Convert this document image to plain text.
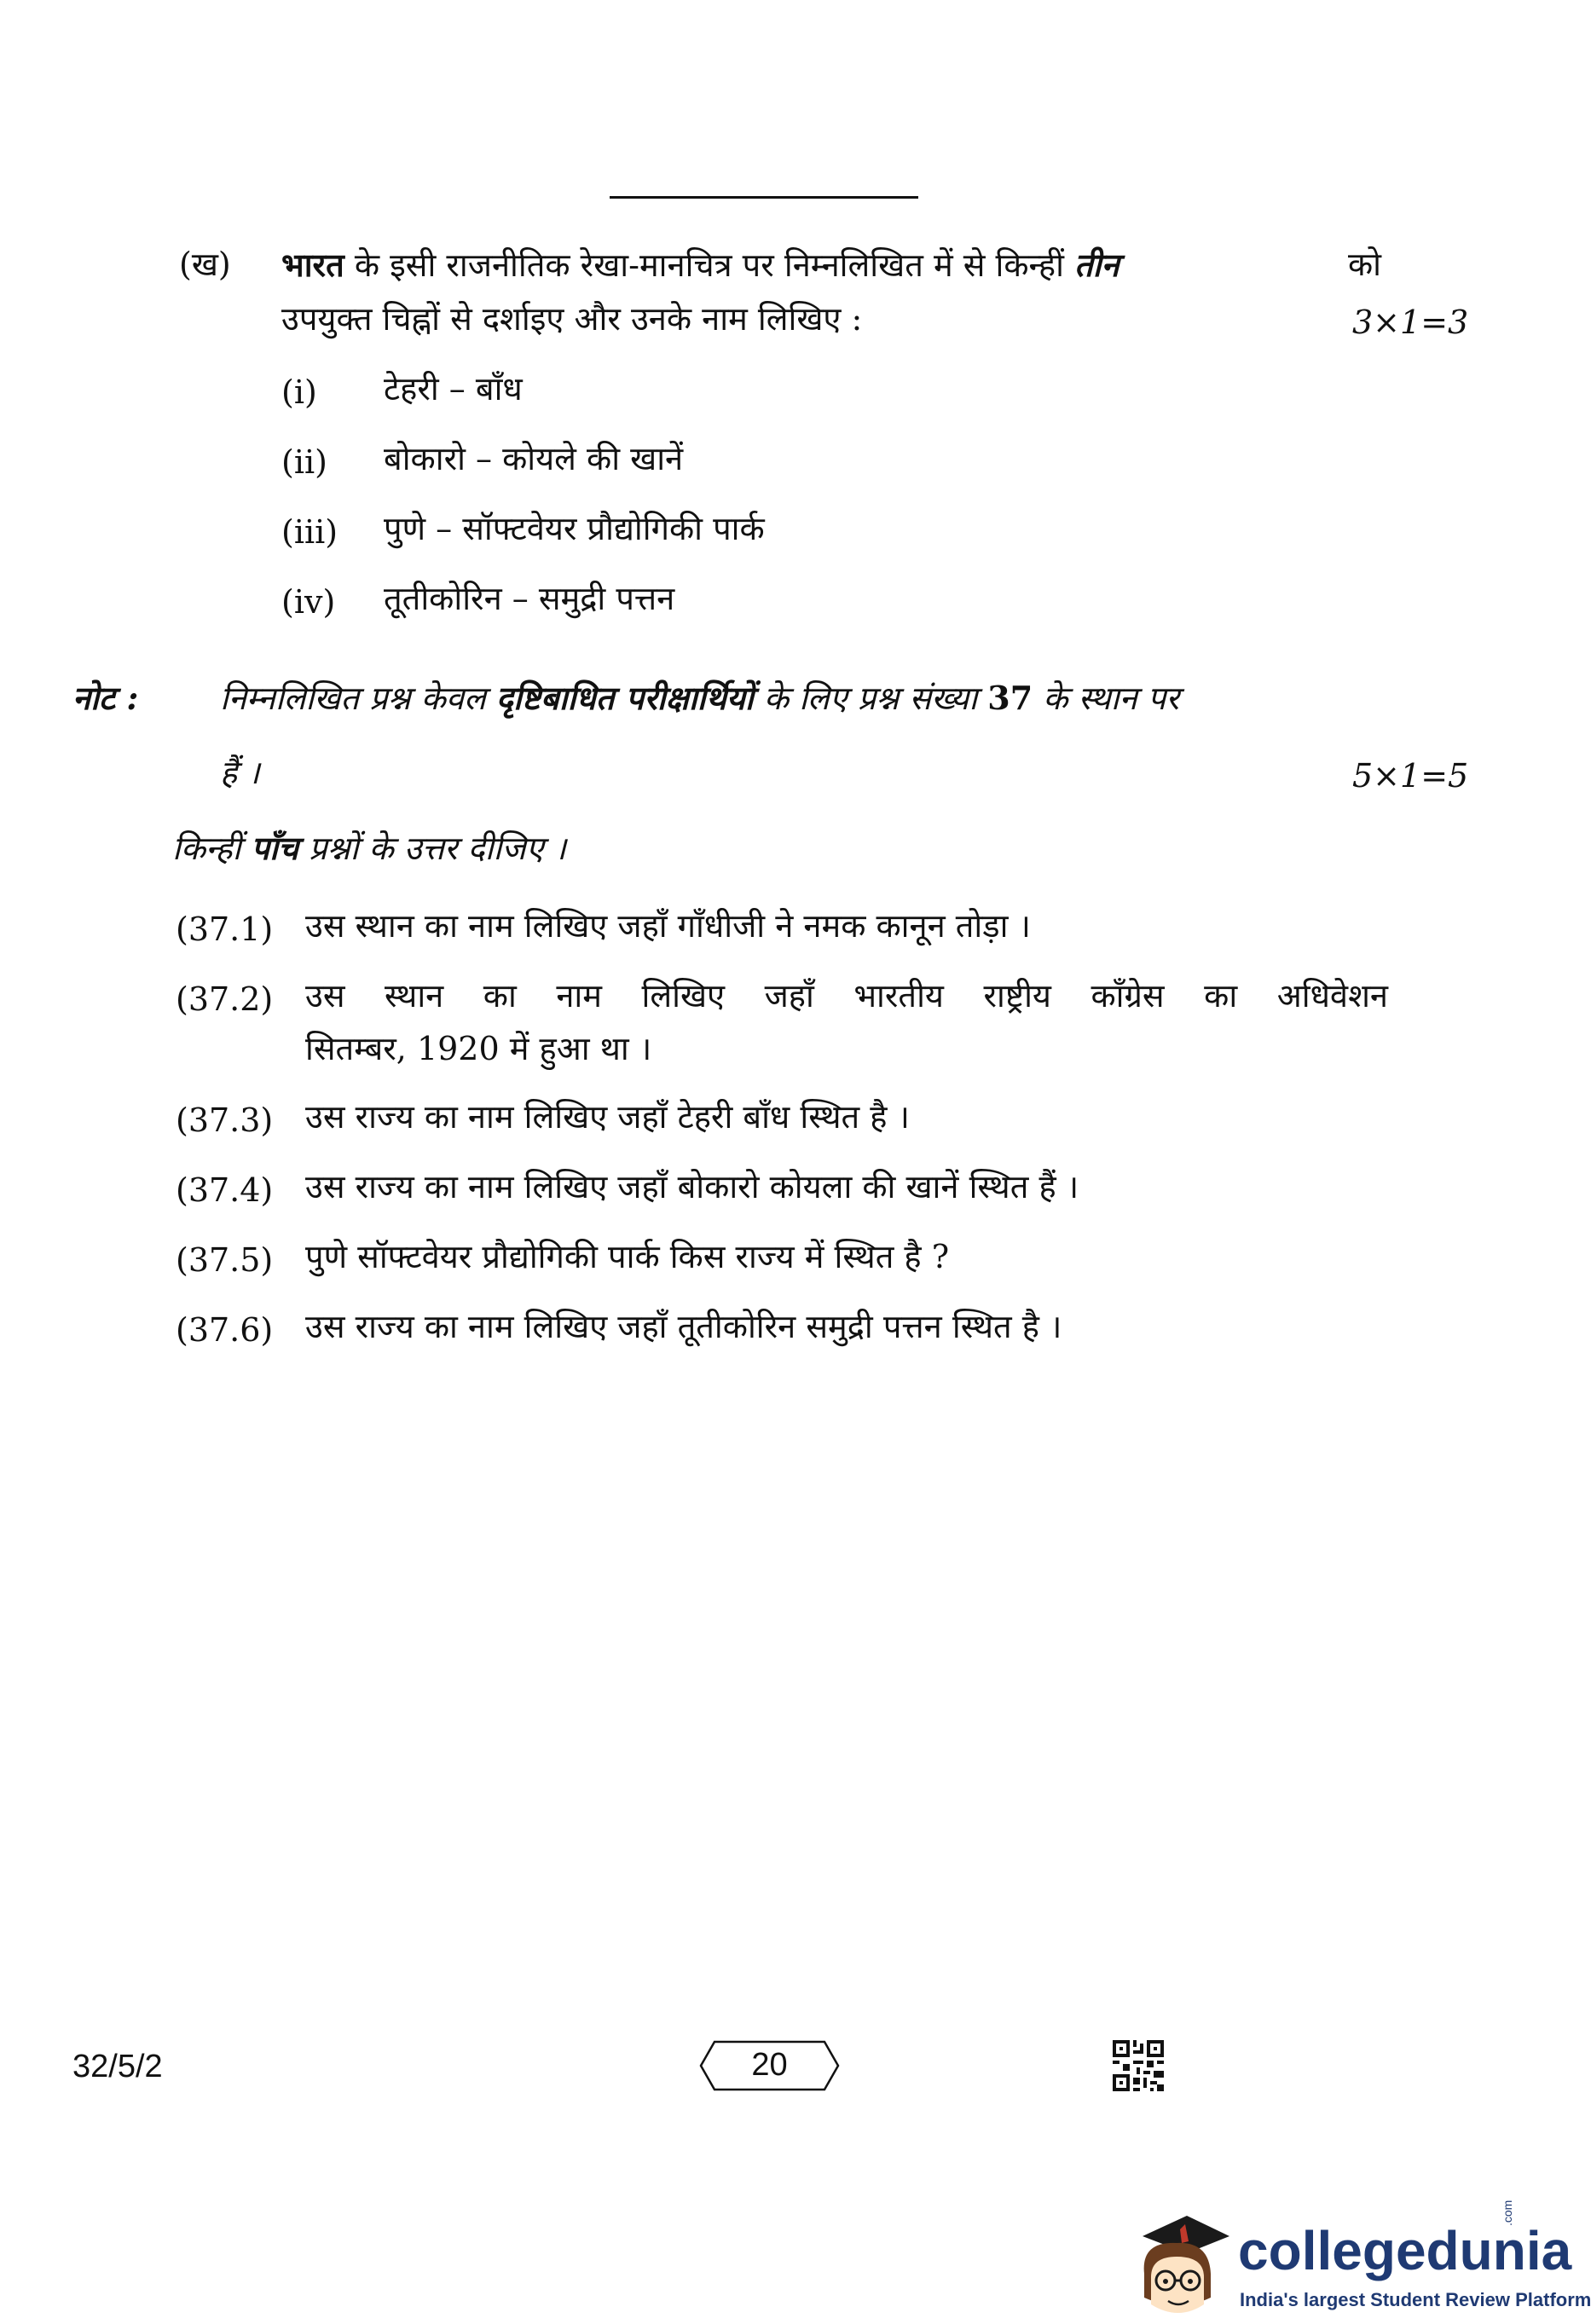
(ख) भारत के इसी राजनीतिक रेखा-मानचित्र पर निम्नलिखित में से किन्हीं तीन	को
उपयुक्त चिह्नों से दर्शाइए और उनके नाम लिखिए :	3×1=3
(i) टेहरी – बाँध
(ii) बोकारो – कोयले की खानें
(iii) पुणे – सॉफ्टवेयर प्रौद्योगिकी पार्क
(iv) तूतीकोरिन – समुद्री पत्तन
नोट :	निम्नलिखित प्रश्न केवल दृष्टिबाधित परीक्षार्थियों के लिए प्रश्न संख्या 37 के स्थान पर
हैं ।	5×1=5
किन्हीं पाँच प्रश्नों के उत्तर दीजिए ।
(37.1) उस स्थान का नाम लिखिए जहाँ गाँधीजी ने नमक कानून तोड़ा ।
(37.2) उस स्थान का नाम लिखिए जहाँ भारतीय राष्ट्रीय काँग्रेस का अधिवेशन
सितम्बर, 1920 में हुआ था ।
(37.3) उस राज्य का नाम लिखिए जहाँ टेहरी बाँध स्थित है ।
(37.4) उस राज्य का नाम लिखिए जहाँ बोकारो कोयला की खानें स्थित हैं ।
(37.5) पुणे सॉफ्टवेयर प्रौद्योगिकी पार्क किस राज्य में स्थित है ?
(37.6) उस राज्य का नाम लिखिए जहाँ तूतीकोरिन समुद्री पत्तन स्थित है ।
32/5/2	20
collegedunia
.com
India's largest Student Review Platform
